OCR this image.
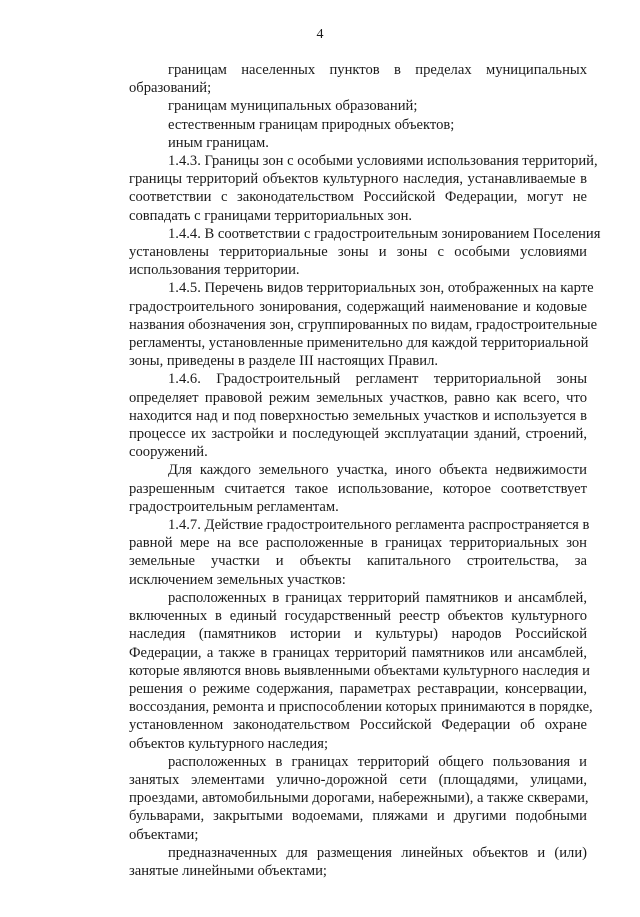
4
границам населенных пунктов в пределах муниципальных
образований;
границам муниципальных образований;
естественным границам природных объектов;
иным границам.
1.4.3. Границы зон с особыми условиями использования территорий,
границы территорий объектов культурного наследия, устанавливаемые в
соответствии с законодательством Российской Федерации, могут не
совпадать с границами территориальных зон.
1.4.4. В соответствии с градостроительным зонированием Поселения
установлены территориальные зоны и зоны с особыми условиями
использования территории.
1.4.5. Перечень видов территориальных зон, отображенных на карте
градостроительного зонирования, содержащий наименование и кодовые
названия обозначения зон, сгруппированных по видам, градостроительные
регламенты, установленные применительно для каждой территориальной
зоны, приведены в разделе III настоящих Правил.
1.4.6. Градостроительный регламент территориальной зоны
определяет правовой режим земельных участков, равно как всего, что
находится над и под поверхностью земельных участков и используется в
процессе их застройки и последующей эксплуатации зданий, строений,
сооружений.
Для каждого земельного участка, иного объекта недвижимости
разрешенным считается такое использование, которое соответствует
градостроительным регламентам.
1.4.7. Действие градостроительного регламента распространяется в
равной мере на все расположенные в границах территориальных зон
земельные участки и объекты капитального строительства, за
исключением земельных участков:
расположенных в границах территорий памятников и ансамблей,
включенных в единый государственный реестр объектов культурного
наследия (памятников истории и культуры) народов Российской
Федерации, а также в границах территорий памятников или ансамблей,
которые являются вновь выявленными объектами культурного наследия и
решения о режиме содержания, параметрах реставрации, консервации,
воссоздания, ремонта и приспособлении которых принимаются в порядке,
установленном законодательством Российской Федерации об охране
объектов культурного наследия;
расположенных в границах территорий общего пользования и
занятых элементами улично-дорожной сети (площадями, улицами,
проездами, автомобильными дорогами, набережными), а также скверами,
бульварами, закрытыми водоемами, пляжами и другими подобными
объектами;
предназначенных для размещения линейных объектов и (или)
занятые линейными объектами;
